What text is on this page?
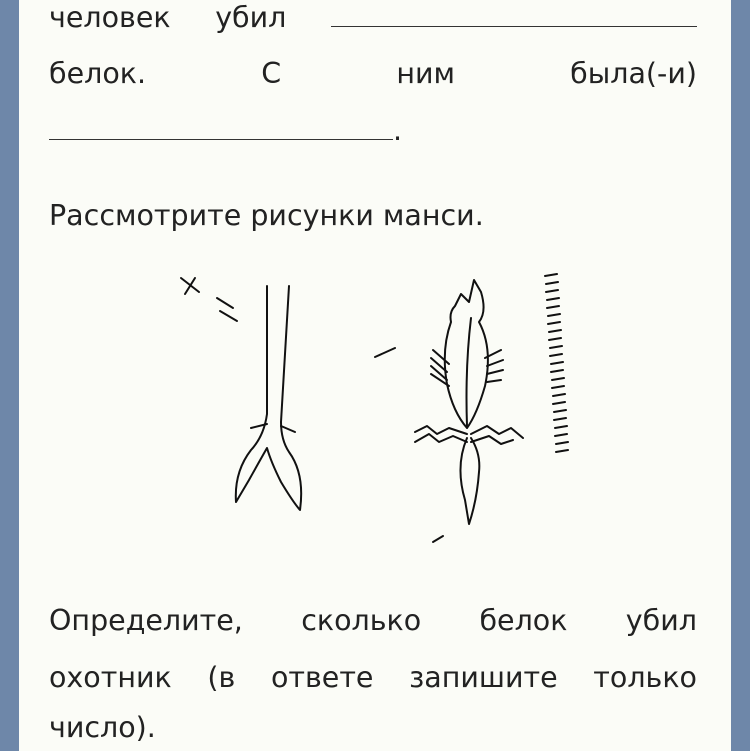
человек убил
белок.	С	ним	была(-и)
.
Рассмотрите рисунки манси.
Определите, сколько белок убил
охотник (в ответе запишите только
число).
